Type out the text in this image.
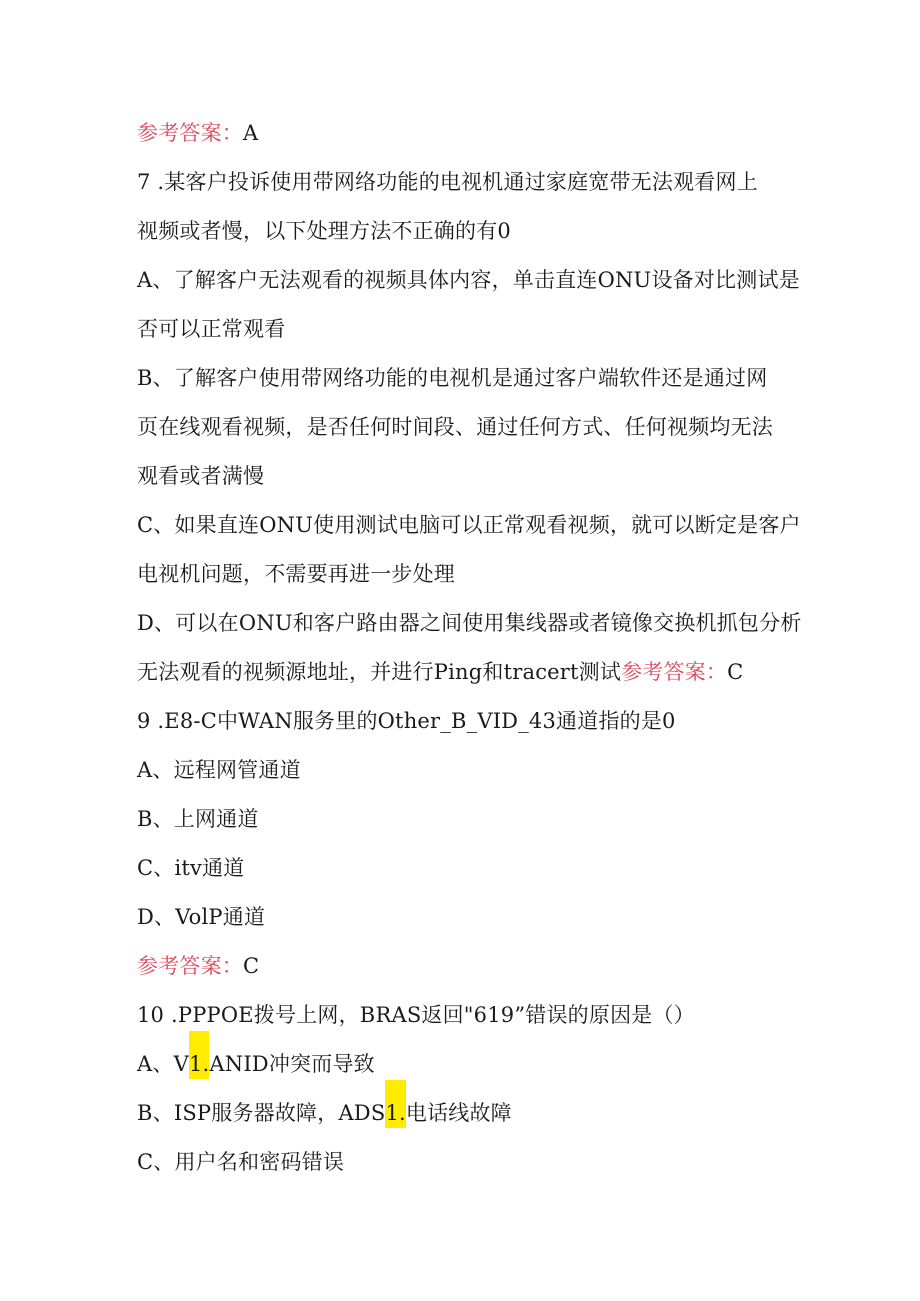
参考答案：A
7 .某客户投诉使用带网络功能的电视机通过家庭宽带无法观看网上
视频或者慢，以下处理方法不正确的有0
A、了解客户无法观看的视频具体内容，单击直连ONU设备对比测试是
否可以正常观看
B、了解客户使用带网络功能的电视机是通过客户端软件还是通过网
页在线观看视频，是否任何时间段、通过任何方式、任何视频均无法
观看或者满慢
C、如果直连ONU使用测试电脑可以正常观看视频，就可以断定是客户
电视机问题，不需要再进一步处理
D、可以在ONU和客户路由器之间使用集线器或者镜像交换机抓包分析
无法观看的视频源地址，并进行Ping和tracert测试参考答案：C
9 .E8-C中WAN服务里的Other_B_VID_43通道指的是0
A、远程网管通道
B、上网通道
C、itv通道
D、VolP通道
参考答案：C
10 .PPPOE拨号上网，BRAS返回"619”错误的原因是（）
A、V1.ANID冲突而导致
B、ISP服务器故障，ADS1.电话线故障
C、用户名和密码错误
